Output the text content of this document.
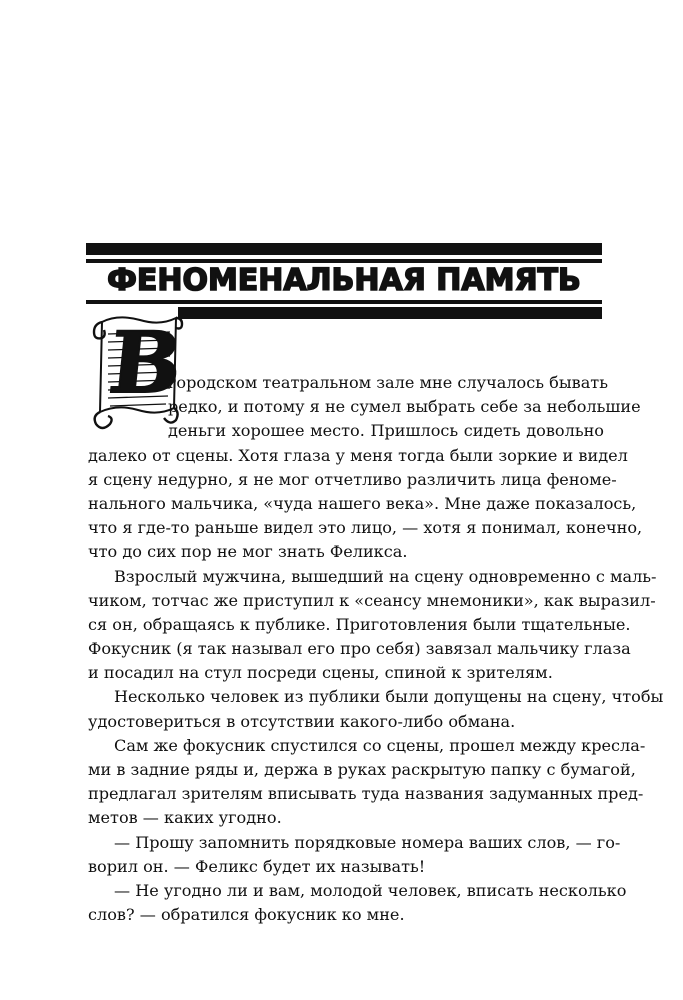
ФЕНОМЕНАЛЬНАЯ ПАМЯТЬ
В
городском театральном зале мне случалось бывать
редко, и потому я не сумел выбрать себе за небольшие
деньги хорошее место. Пришлось сидеть довольно
далеко от сцены. Хотя глаза у меня тогда были зоркие и видел
я сцену недурно, я не мог отчетливо различить лица феноме-
нального мальчика, «чуда нашего века». Мне даже показалось,
что я где-то раньше видел это лицо, — хотя я понимал, конечно,
что до сих пор не мог знать Феликса.
Взрослый мужчина, вышедший на сцену одновременно с маль-
чиком, тотчас же приступил к «сеансу мнемоники», как выразил-
ся он, обращаясь к публике. Приготовления были тщательные.
Фокусник (я так называл его про себя) завязал мальчику глаза
и посадил на стул посреди сцены, спиной к зрителям.
Несколько человек из публики были допущены на сцену, чтобы
удостовериться в отсутствии какого-либо обмана.
Сам же фокусник спустился со сцены, прошел между кресла-
ми в задние ряды и, держа в руках раскрытую папку с бумагой,
предлагал зрителям вписывать туда названия задуманных пред-
метов — каких угодно.
— Прошу запомнить порядковые номера ваших слов, — го-
ворил он. — Феликс будет их называть!
— Не угодно ли и вам, молодой человек, вписать несколько
слов? — обратился фокусник ко мне.
